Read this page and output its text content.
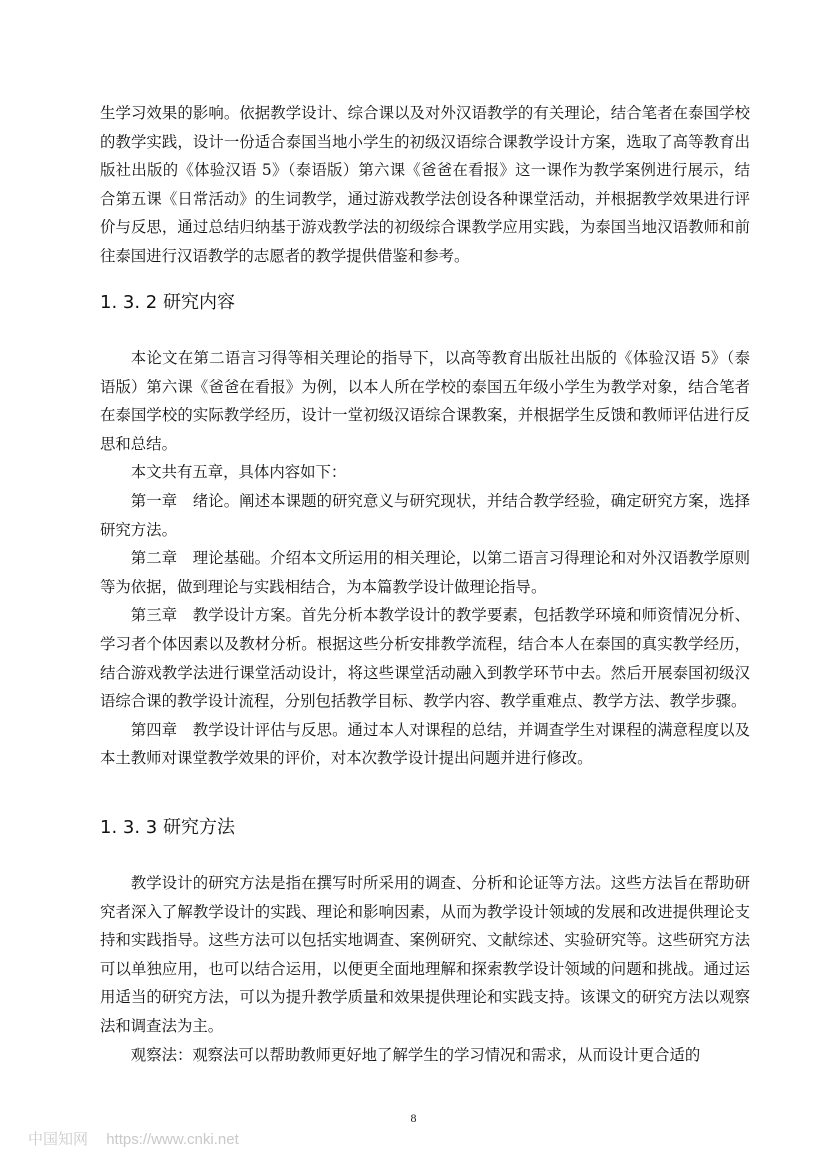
生学习效果的影响。依据教学设计、综合课以及对外汉语教学的有关理论，结合笔者在泰国学校的教学实践，设计一份适合泰国当地小学生的初级汉语综合课教学设计方案，选取了高等教育出版社出版的《体验汉语 5》（泰语版）第六课《爸爸在看报》这一课作为教学案例进行展示，结合第五课《日常活动》的生词教学，通过游戏教学法创设各种课堂活动，并根据教学效果进行评价与反思，通过总结归纳基于游戏教学法的初级综合课教学应用实践，为泰国当地汉语教师和前往泰国进行汉语教学的志愿者的教学提供借鉴和参考。

1. 3. 2 研究内容

本论文在第二语言习得等相关理论的指导下，以高等教育出版社出版的《体验汉语 5》（泰语版）第六课《爸爸在看报》为例，以本人所在学校的泰国五年级小学生为教学对象，结合笔者在泰国学校的实际教学经历，设计一堂初级汉语综合课教案，并根据学生反馈和教师评估进行反思和总结。

本文共有五章，具体内容如下：

第一章　绪论。阐述本课题的研究意义与研究现状，并结合教学经验，确定研究方案，选择研究方法。

第二章　理论基础。介绍本文所运用的相关理论，以第二语言习得理论和对外汉语教学原则等为依据，做到理论与实践相结合，为本篇教学设计做理论指导。

第三章　教学设计方案。首先分析本教学设计的教学要素，包括教学环境和师资情况分析、学习者个体因素以及教材分析。根据这些分析安排教学流程，结合本人在泰国的真实教学经历，结合游戏教学法进行课堂活动设计，将这些课堂活动融入到教学环节中去。然后开展泰国初级汉语综合课的教学设计流程，分别包括教学目标、教学内容、教学重难点、教学方法、教学步骤。

第四章　教学设计评估与反思。通过本人对课程的总结，并调查学生对课程的满意程度以及本土教师对课堂教学效果的评价，对本次教学设计提出问题并进行修改。

1. 3. 3 研究方法

教学设计的研究方法是指在撰写时所采用的调查、分析和论证等方法。这些方法旨在帮助研究者深入了解教学设计的实践、理论和影响因素，从而为教学设计领域的发展和改进提供理论支持和实践指导。这些方法可以包括实地调查、案例研究、文献综述、实验研究等。这些研究方法可以单独应用，也可以结合运用，以便更全面地理解和探索教学设计领域的问题和挑战。通过运用适当的研究方法，可以为提升教学质量和效果提供理论和实践支持。该课文的研究方法以观察法和调查法为主。

观察法：观察法可以帮助教师更好地了解学生的学习情况和需求，从而设计更合适的

8
中国知网 https://www.cnki.net
